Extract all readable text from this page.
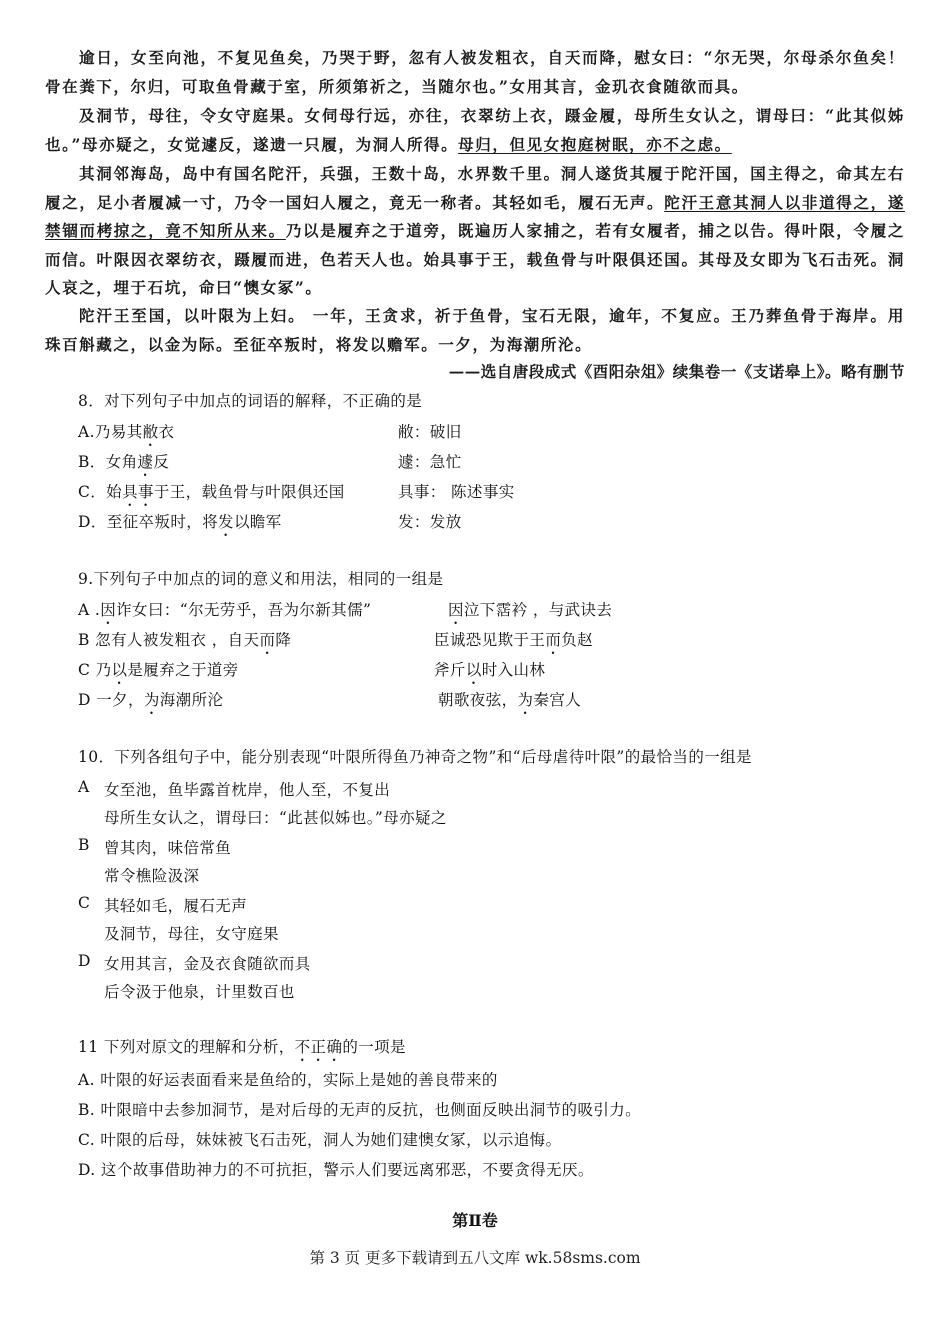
逾日，女至向池，不复见鱼矣，乃哭于野，忽有人被发粗衣，自天而降，慰女曰：“尔无哭，尔母杀尔鱼矣！骨在粪下，尔归，可取鱼骨藏于室，所须第祈之，当随尔也。”女用其言，金玑衣食随欲而具。
及洞节，母往，令女守庭果。女伺母行远，亦往，衣翠纺上衣，蹑金履，母所生女认之，谓母曰：“此其似姊也。”母亦疑之，女觉遽反，遂遗一只履，为洞人所得。母归，但见女抱庭树眠，亦不之虑。
其洞邻海岛，岛中有国名陀汗，兵强，王数十岛，水界数千里。洞人遂货其履于陀汗国，国主得之，命其左右履之，足小者履减一寸，乃令一国妇人履之，竟无一称者。其轻如毛，履石无声。陀汗王意其洞人以非道得之，遂禁锢而栲掠之，竟不知所从来。乃以是履弃之于道旁，既遍历人家捕之，若有女履者，捕之以告。得叶限，令履之而信。叶限因衣翠纺衣，蹑履而进，色若天人也。始具事于王，载鱼骨与叶限俱还国。其母及女即为飞石击死。洞人哀之，埋于石坑，命曰“懊女冢”。
陀汗王至国，以叶限为上妇。 一年，王贪求，祈于鱼骨，宝石无限，逾年，不复应。王乃葬鱼骨于海岸。用珠百斛藏之，以金为际。至征卒叛时，将发以赡军。一夕，为海潮所沦。
——选自唐段成式《酉阳杂俎》续集卷一《支诺皋上》。略有删节
8．对下列句子中加点的词语的解释，不正确的是
A.乃易其敝衣	敝：破旧
B．女角遽反	遽：急忙
C．始具事于王，载鱼骨与叶限俱还国	具事： 陈述事实
D．至征卒叛时，将发以瞻军	发：发放
9.下列句子中加点的词的意义和用法，相同的一组是
A .因诈女曰：“尔无劳乎，吾为尔新其儒”	因泣下霑衿 ，与武诀去
B 忽有人被发粗衣 ，自天而降	臣诚恐见欺于王而负赵
C 乃以是履弃之于道旁	斧斤以时入山林
D 一夕，为海潮所沦	朝歌夜弦，为秦宫人
10．下列各组句子中，能分别表现“叶限所得鱼乃神奇之物”和“后母虐待叶限”的最恰当的一组是
A 女至池，鱼毕露首枕岸，他人至，不复出
母所生女认之，谓母曰：“此甚似姊也。”母亦疑之
B 曾其肉，味倍常鱼
常令樵险汲深
C 其轻如毛，履石无声
及洞节，母往，女守庭果
D 女用其言，金及衣食随欲而具
后令汲于他泉，计里数百也
11 下列对原文的理解和分析，不正确的一项是
A. 叶限的好运表面看来是鱼给的，实际上是她的善良带来的
B. 叶限暗中去参加洞节，是对后母的无声的反抗，也侧面反映出洞节的吸引力。
C. 叶限的后母，妹妹被飞石击死，洞人为她们建懊女冢，以示追悔。
D. 这个故事借助神力的不可抗拒，警示人们要远离邪恶，不要贪得无厌。
第Ⅱ卷
第 3 页 更多下载请到五八文库 wk.58sms.com
